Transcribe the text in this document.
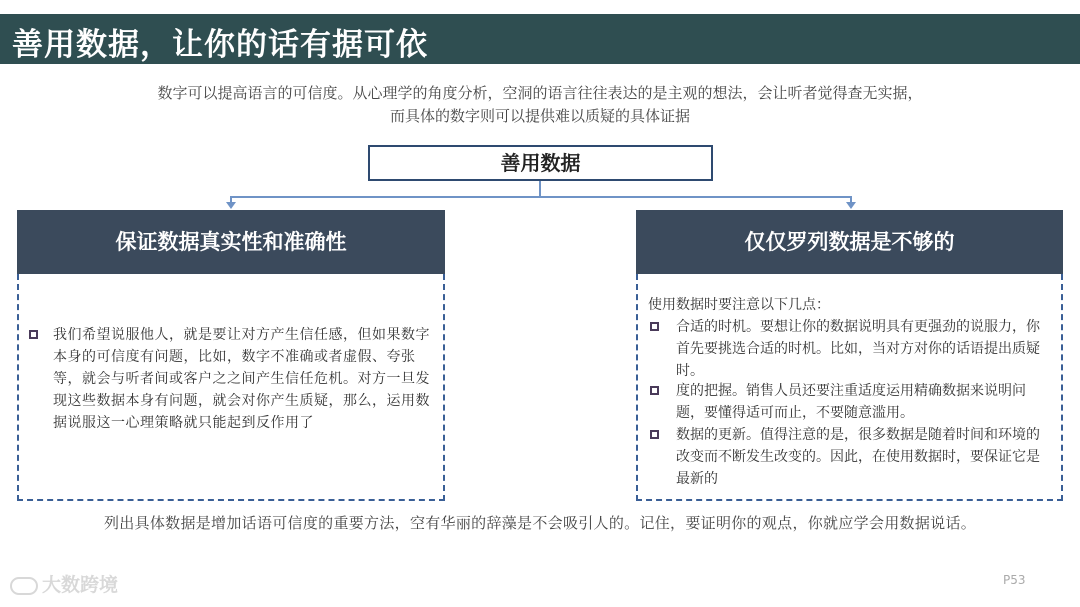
善用数据，让你的话有据可依
数字可以提高语言的可信度。从心理学的角度分析，空洞的语言往往表达的是主观的想法，会让听者觉得查无实据，
而具体的数字则可以提供难以质疑的具体证据
善用数据
保证数据真实性和准确性
我们希望说服他人，就是要让对方产生信任感，但如果数字本身的可信度有问题，比如，数字不准确或者虚假、夸张等，就会与听者间或客户之之间产生信任危机。对方一旦发现这些数据本身有问题，就会对你产生质疑，那么，运用数据说服这一心理策略就只能起到反作用了
仅仅罗列数据是不够的
使用数据时要注意以下几点：
合适的时机。要想让你的数据说明具有更强劲的说服力，你首先要挑选合适的时机。比如，当对方对你的话语提出质疑时。
度的把握。销售人员还要注重适度运用精确数据来说明问题，要懂得适可而止，不要随意滥用。
数据的更新。值得注意的是，很多数据是随着时间和环境的改变而不断发生改变的。因此，在使用数据时，要保证它是最新的
列出具体数据是增加话语可信度的重要方法，空有华丽的辞藻是不会吸引人的。记住，要证明你的观点，你就应学会用数据说话。
大数跨境	P53
